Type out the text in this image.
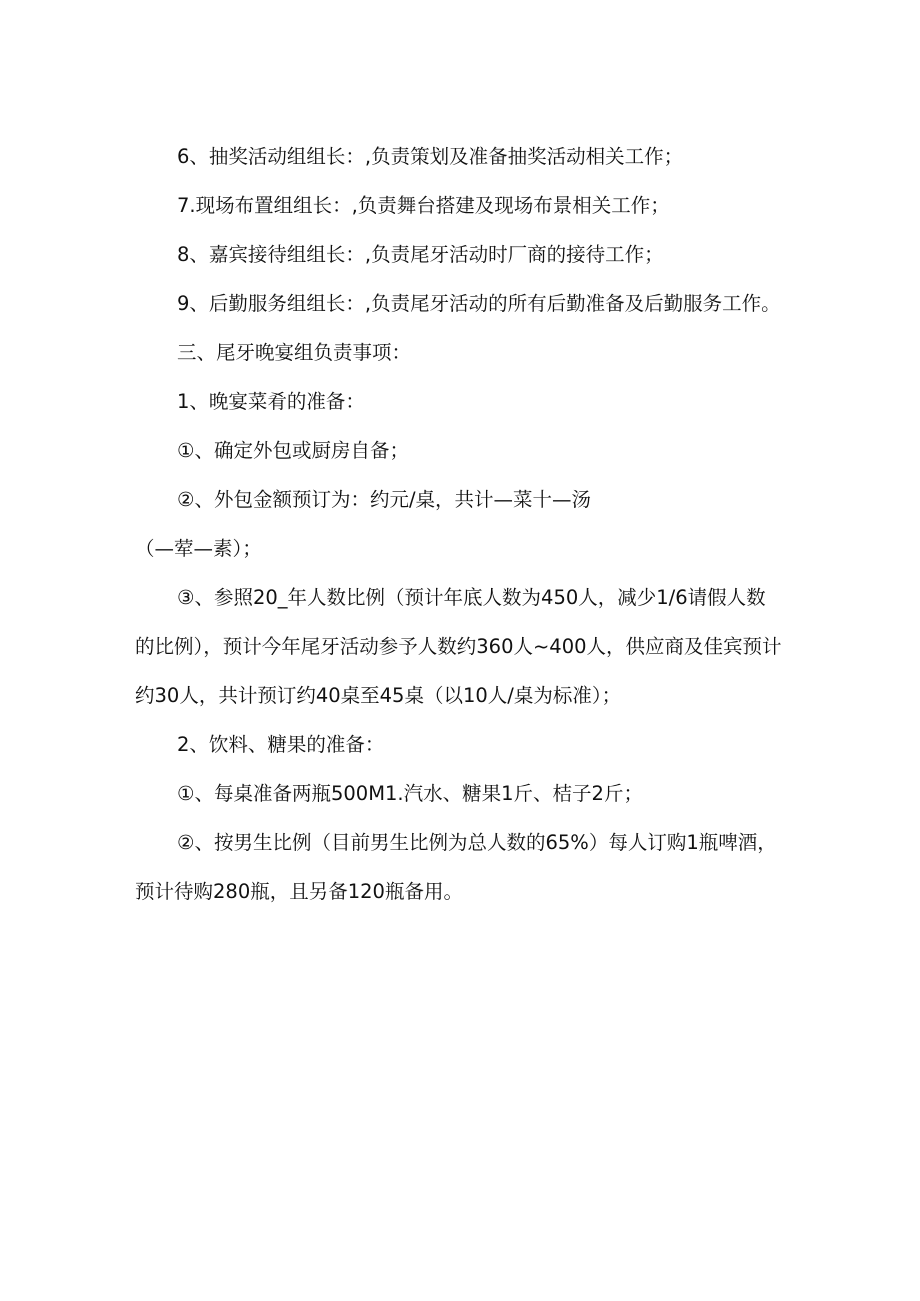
6、抽奖活动组组长：,负责策划及准备抽奖活动相关工作；

7.现场布置组组长：,负责舞台搭建及现场布景相关工作；

8、嘉宾接待组组长：,负责尾牙活动时厂商的接待工作；

9、后勤服务组组长：,负责尾牙活动的所有后勤准备及后勤服务工作。

三、尾牙晚宴组负责事项：

1、晚宴菜肴的准备：

①、确定外包或厨房自备；

②、外包金额预订为：约元/桌，共计—菜十—汤

（—荤—素）；

③、参照20_年人数比例（预计年底人数为450人，减少1/6请假人数的比例），预计今年尾牙活动参予人数约360人~400人，供应商及佳宾预计约30人，共计预订约40桌至45桌（以10人/桌为标准）；

2、饮料、糖果的准备：

①、每桌准备两瓶500M1.汽水、糖果1斤、桔子2斤；

②、按男生比例（目前男生比例为总人数的65%）每人订购1瓶啤酒，预计待购280瓶，且另备120瓶备用。
